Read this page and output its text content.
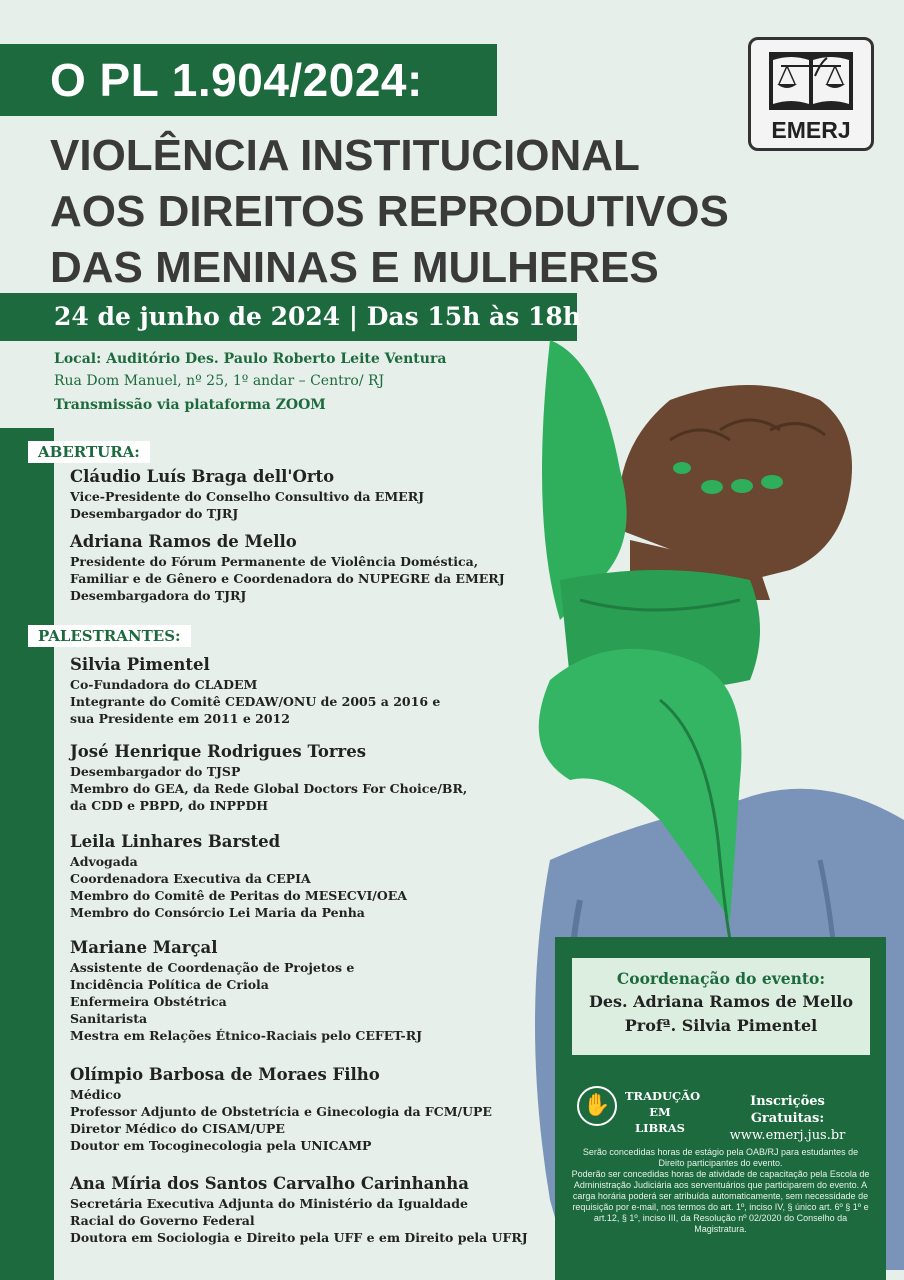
O PL 1.904/2024:
VIOLÊNCIA INSTITUCIONAL
AOS DIREITOS REPRODUTIVOS
DAS MENINAS E MULHERES
24 de junho de 2024 | Das 15h às 18h
EMERJ
Local: Auditório Des. Paulo Roberto Leite Ventura
Rua Dom Manuel, nº 25, 1º andar – Centro/ RJ
Transmissão via plataforma ZOOM
ABERTURA:
Cláudio Luís Braga dell'Orto
Vice-Presidente do Conselho Consultivo da EMERJ
Desembargador do TJRJ
Adriana Ramos de Mello
Presidente do Fórum Permanente de Violência Doméstica,
Familiar e de Gênero e Coordenadora do NUPEGRE da EMERJ
Desembargadora do TJRJ
PALESTRANTES:
Silvia Pimentel
Co-Fundadora do CLADEM
Integrante do Comitê CEDAW/ONU de 2005 a 2016 e
sua Presidente em 2011 e 2012
José Henrique Rodrigues Torres
Desembargador do TJSP
Membro do GEA, da Rede Global Doctors For Choice/BR,
da CDD e PBPD, do INPPDH
Leila Linhares Barsted
Advogada
Coordenadora Executiva da CEPIA
Membro do Comitê de Peritas do MESECVI/OEA
Membro do Consórcio Lei Maria da Penha
Mariane Marçal
Assistente de Coordenação de Projetos e
Incidência Política de Criola
Enfermeira Obstétrica
Sanitarista
Mestra em Relações Étnico-Raciais pelo CEFET-RJ
Olímpio Barbosa de Moraes Filho
Médico
Professor Adjunto de Obstetrícia e Ginecologia da FCM/UPE
Diretor Médico do CISAM/UPE
Doutor em Tocoginecologia pela UNICAMP
Ana Míria dos Santos Carvalho Carinhanha
Secretária Executiva Adjunta do Ministério da Igualdade
Racial do Governo Federal
Doutora em Sociologia e Direito pela UFF e em Direito pela UFRJ
Coordenação do evento:
Des. Adriana Ramos de Mello
Profª. Silvia Pimentel
✋	TRADUÇÃO
EM LIBRAS
Inscrições Gratuitas:
www.emerj.jus.br
Serão concedidas horas de estágio pela OAB/RJ para estudantes de Direito participantes do evento.
Poderão ser concedidas horas de atividade de capacitação pela Escola de Administração Judiciária aos serventuários que participarem do evento. A carga horária poderá ser atribuída automaticamente, sem necessidade de requisição por e-mail, nos termos do art. 1º, inciso IV, § único art. 6º § 1º e art.12, § 1º, inciso III, da Resolução nº 02/2020 do Conselho da Magistratura.
